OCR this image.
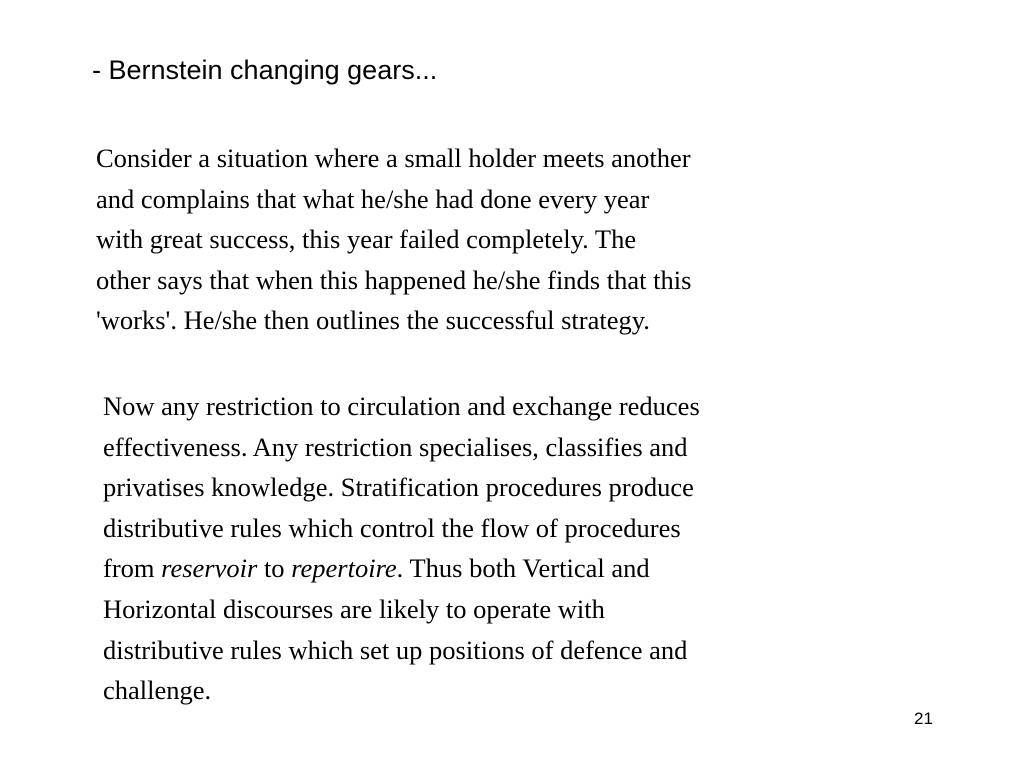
- Bernstein changing gears...
Consider a situation where a small holder meets another
and complains that what he/she had done every year
with great success, this year failed completely. The
other says that when this happened he/she finds that this
'works'. He/she then outlines the successful strategy.
Now any restriction to circulation and exchange reduces
effectiveness. Any restriction specialises, classifies and
privatises knowledge. Stratification procedures produce
distributive rules which control the flow of procedures
from reservoir to repertoire. Thus both Vertical and
Horizontal discourses are likely to operate with
distributive rules which set up positions of defence and
challenge.
21
